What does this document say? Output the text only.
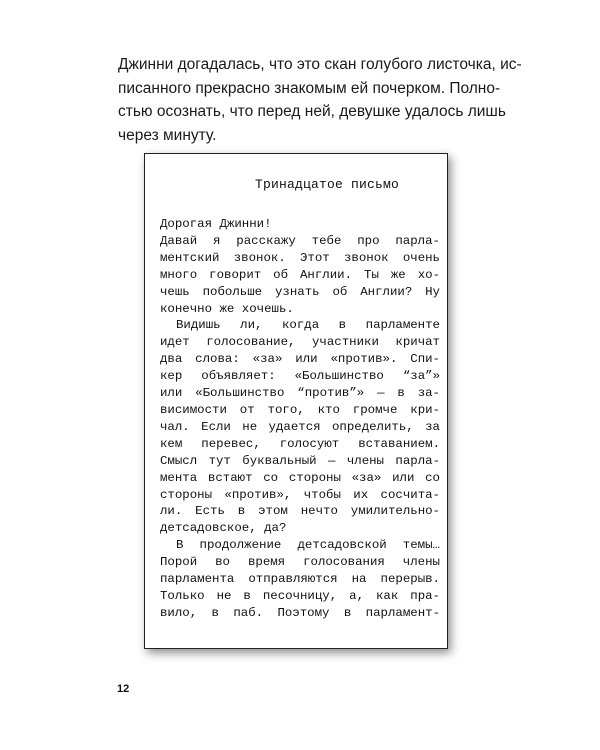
Джинни догадалась, что это скан голубого листочка, ис-
писанного прекрасно знакомым ей почерком. Полно-
стью осознать, что перед ней, девушке удалось лишь
через минуту.

Тринадцатое письмо
Дорогая Джинни!
Давай я расскажу тебе про парла-
ментский звонок. Этот звонок очень
много говорит об Англии. Ты же хо-
чешь побольше узнать об Англии? Ну
конечно же хочешь.
Видишь ли, когда в парламенте
идет голосование, участники кричат
два слова: «за» или «против». Спи-
кер объявляет: «Большинство “за”»
или «Большинство “против”» — в за-
висимости от того, кто громче кри-
чал. Если не удается определить, за
кем перевес, голосуют вставанием.
Смысл тут буквальный — члены парла-
мента встают со стороны «за» или со
стороны «против», чтобы их сосчита-
ли. Есть в этом нечто умилительно-
детсадовское, да?
В продолжение детсадовской темы…
Порой во время голосования члены
парламента отправляются на перерыв.
Только не в песочницу, а, как пра-
вило, в паб. Поэтому в парламент-
12
